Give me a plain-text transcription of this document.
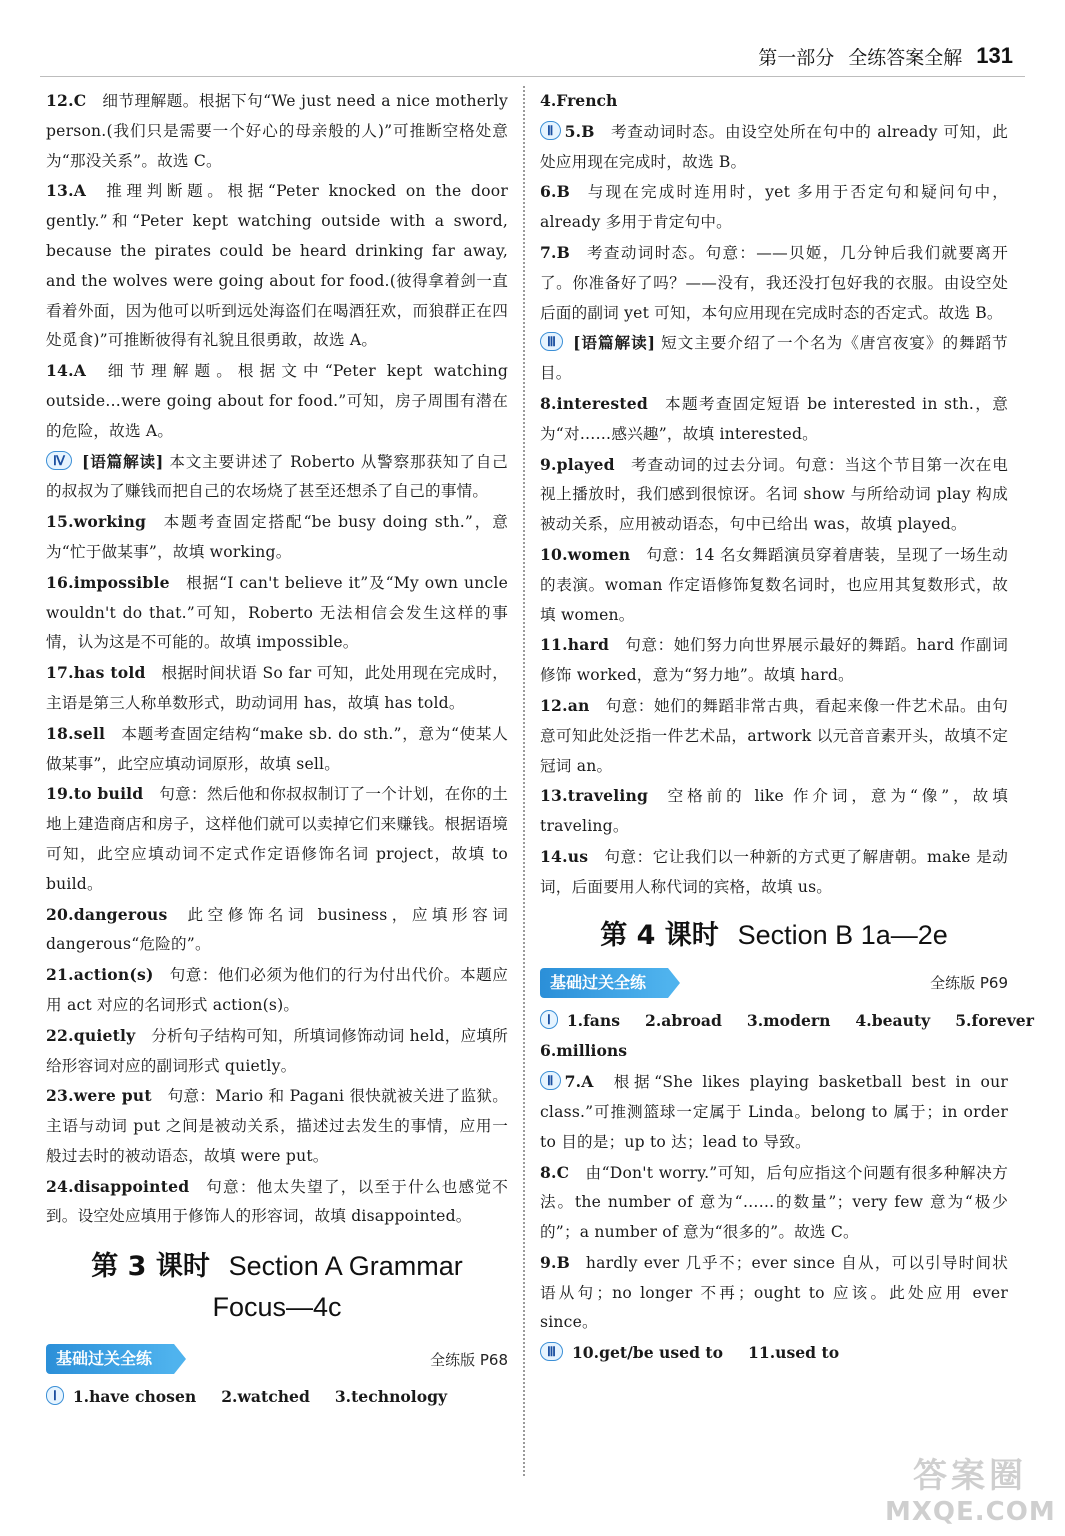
第一部分 全练答案全解 131
12.C  细节理解题。根据下句“We just need a nice motherly person.(我们只是需要一个好心的母亲般的人)”可推断空格处意为“那没关系”。故选 C。
13.A  推理判断题。根据“Peter knocked on the door gently.”和“Peter kept watching outside with a sword, because the pirates could be heard drinking far away, and the wolves were going about for food.(彼得拿着剑一直看着外面，因为他可以听到远处海盗们在喝酒狂欢，而狼群正在四处觅食)”可推断彼得有礼貌且很勇敢，故选 A。
14.A  细节理解题。根据文中“Peter kept watching outside…were going about for food.”可知，房子周围有潜在的危险，故选 A。
Ⅳ [语篇解读] 本文主要讲述了 Roberto 从警察那获知了自己的叔叔为了赚钱而把自己的农场烧了甚至还想杀了自己的事情。
15.working  本题考查固定搭配“be busy doing sth.”，意为“忙于做某事”，故填 working。
16.impossible  根据“I can't believe it”及“My own uncle wouldn't do that.”可知，Roberto 无法相信会发生这样的事情，认为这是不可能的。故填 impossible。
17.has told  根据时间状语 So far 可知，此处用现在完成时，主语是第三人称单数形式，助动词用 has，故填 has told。
18.sell  本题考查固定结构“make sb. do sth.”，意为“使某人做某事”，此空应填动词原形，故填 sell。
19.to build  句意：然后他和你叔叔制订了一个计划，在你的土地上建造商店和房子，这样他们就可以卖掉它们来赚钱。根据语境可知，此空应填动词不定式作定语修饰名词 project，故填 to build。
20.dangerous  此空修饰名词 business，应填形容词 dangerous“危险的”。
21.action(s)  句意：他们必须为他们的行为付出代价。本题应用 act 对应的名词形式 action(s)。
22.quietly  分析句子结构可知，所填词修饰动词 held，应填所给形容词对应的副词形式 quietly。
23.were put  句意：Mario 和 Pagani 很快就被关进了监狱。主语与动词 put 之间是被动关系，描述过去发生的事情，应用一般过去时的被动语态，故填 were put。
24.disappointed  句意：他太失望了，以至于什么也感觉不到。设空处应填用于修饰人的形容词，故填 disappointed。
第 3 课时 Section A Grammar
Focus—4c
基础过关全练	全练版 P68
Ⅰ 1.have chosen 2.watched 3.technology
4.French
Ⅱ 5.B  考查动词时态。由设空处所在句中的 already 可知，此处应用现在完成时，故选 B。
6.B  与现在完成时连用时，yet 多用于否定句和疑问句中，already 多用于肯定句中。
7.B  考查动词时态。句意：——贝姬，几分钟后我们就要离开了。你准备好了吗？——没有，我还没打包好我的衣服。由设空处后面的副词 yet 可知，本句应用现在完成时态的否定式。故选 B。
Ⅲ [语篇解读] 短文主要介绍了一个名为《唐宫夜宴》的舞蹈节目。
8.interested  本题考查固定短语 be interested in sth.，意为“对……感兴趣”，故填 interested。
9.played  考查动词的过去分词。句意：当这个节目第一次在电视上播放时，我们感到很惊讶。名词 show 与所给动词 play 构成被动关系，应用被动语态，句中已给出 was，故填 played。
10.women  句意：14 名女舞蹈演员穿着唐装，呈现了一场生动的表演。woman 作定语修饰复数名词时，也应用其复数形式，故填 women。
11.hard  句意：她们努力向世界展示最好的舞蹈。hard 作副词修饰 worked，意为“努力地”。故填 hard。
12.an  句意：她们的舞蹈非常古典，看起来像一件艺术品。由句意可知此处泛指一件艺术品，artwork 以元音音素开头，故填不定冠词 an。
13.traveling  空格前的 like 作介词，意为“像”，故填 traveling。
14.us  句意：它让我们以一种新的方式更了解唐朝。make 是动词，后面要用人称代词的宾格，故填 us。
第 4 课时 Section B 1a—2e
基础过关全练	全练版 P69
Ⅰ 1.fans 2.abroad 3.modern 4.beauty 5.forever
6.millions
Ⅱ 7.A  根据“She likes playing basketball best in our class.”可推测篮球一定属于 Linda。belong to 属于；in order to 目的是；up to 达；lead to 导致。
8.C  由“Don't worry.”可知，后句应指这个问题有很多种解决方法。the number of 意为“……的数量”；very few 意为“极少的”；a number of 意为“很多的”。故选 C。
9.B  hardly ever 几乎不；ever since 自从，可以引导时间状语从句；no longer 不再；ought to 应该。此处应用 ever since。
Ⅲ 10.get/be used to 11.used to
答案圈
MXQE.COM
